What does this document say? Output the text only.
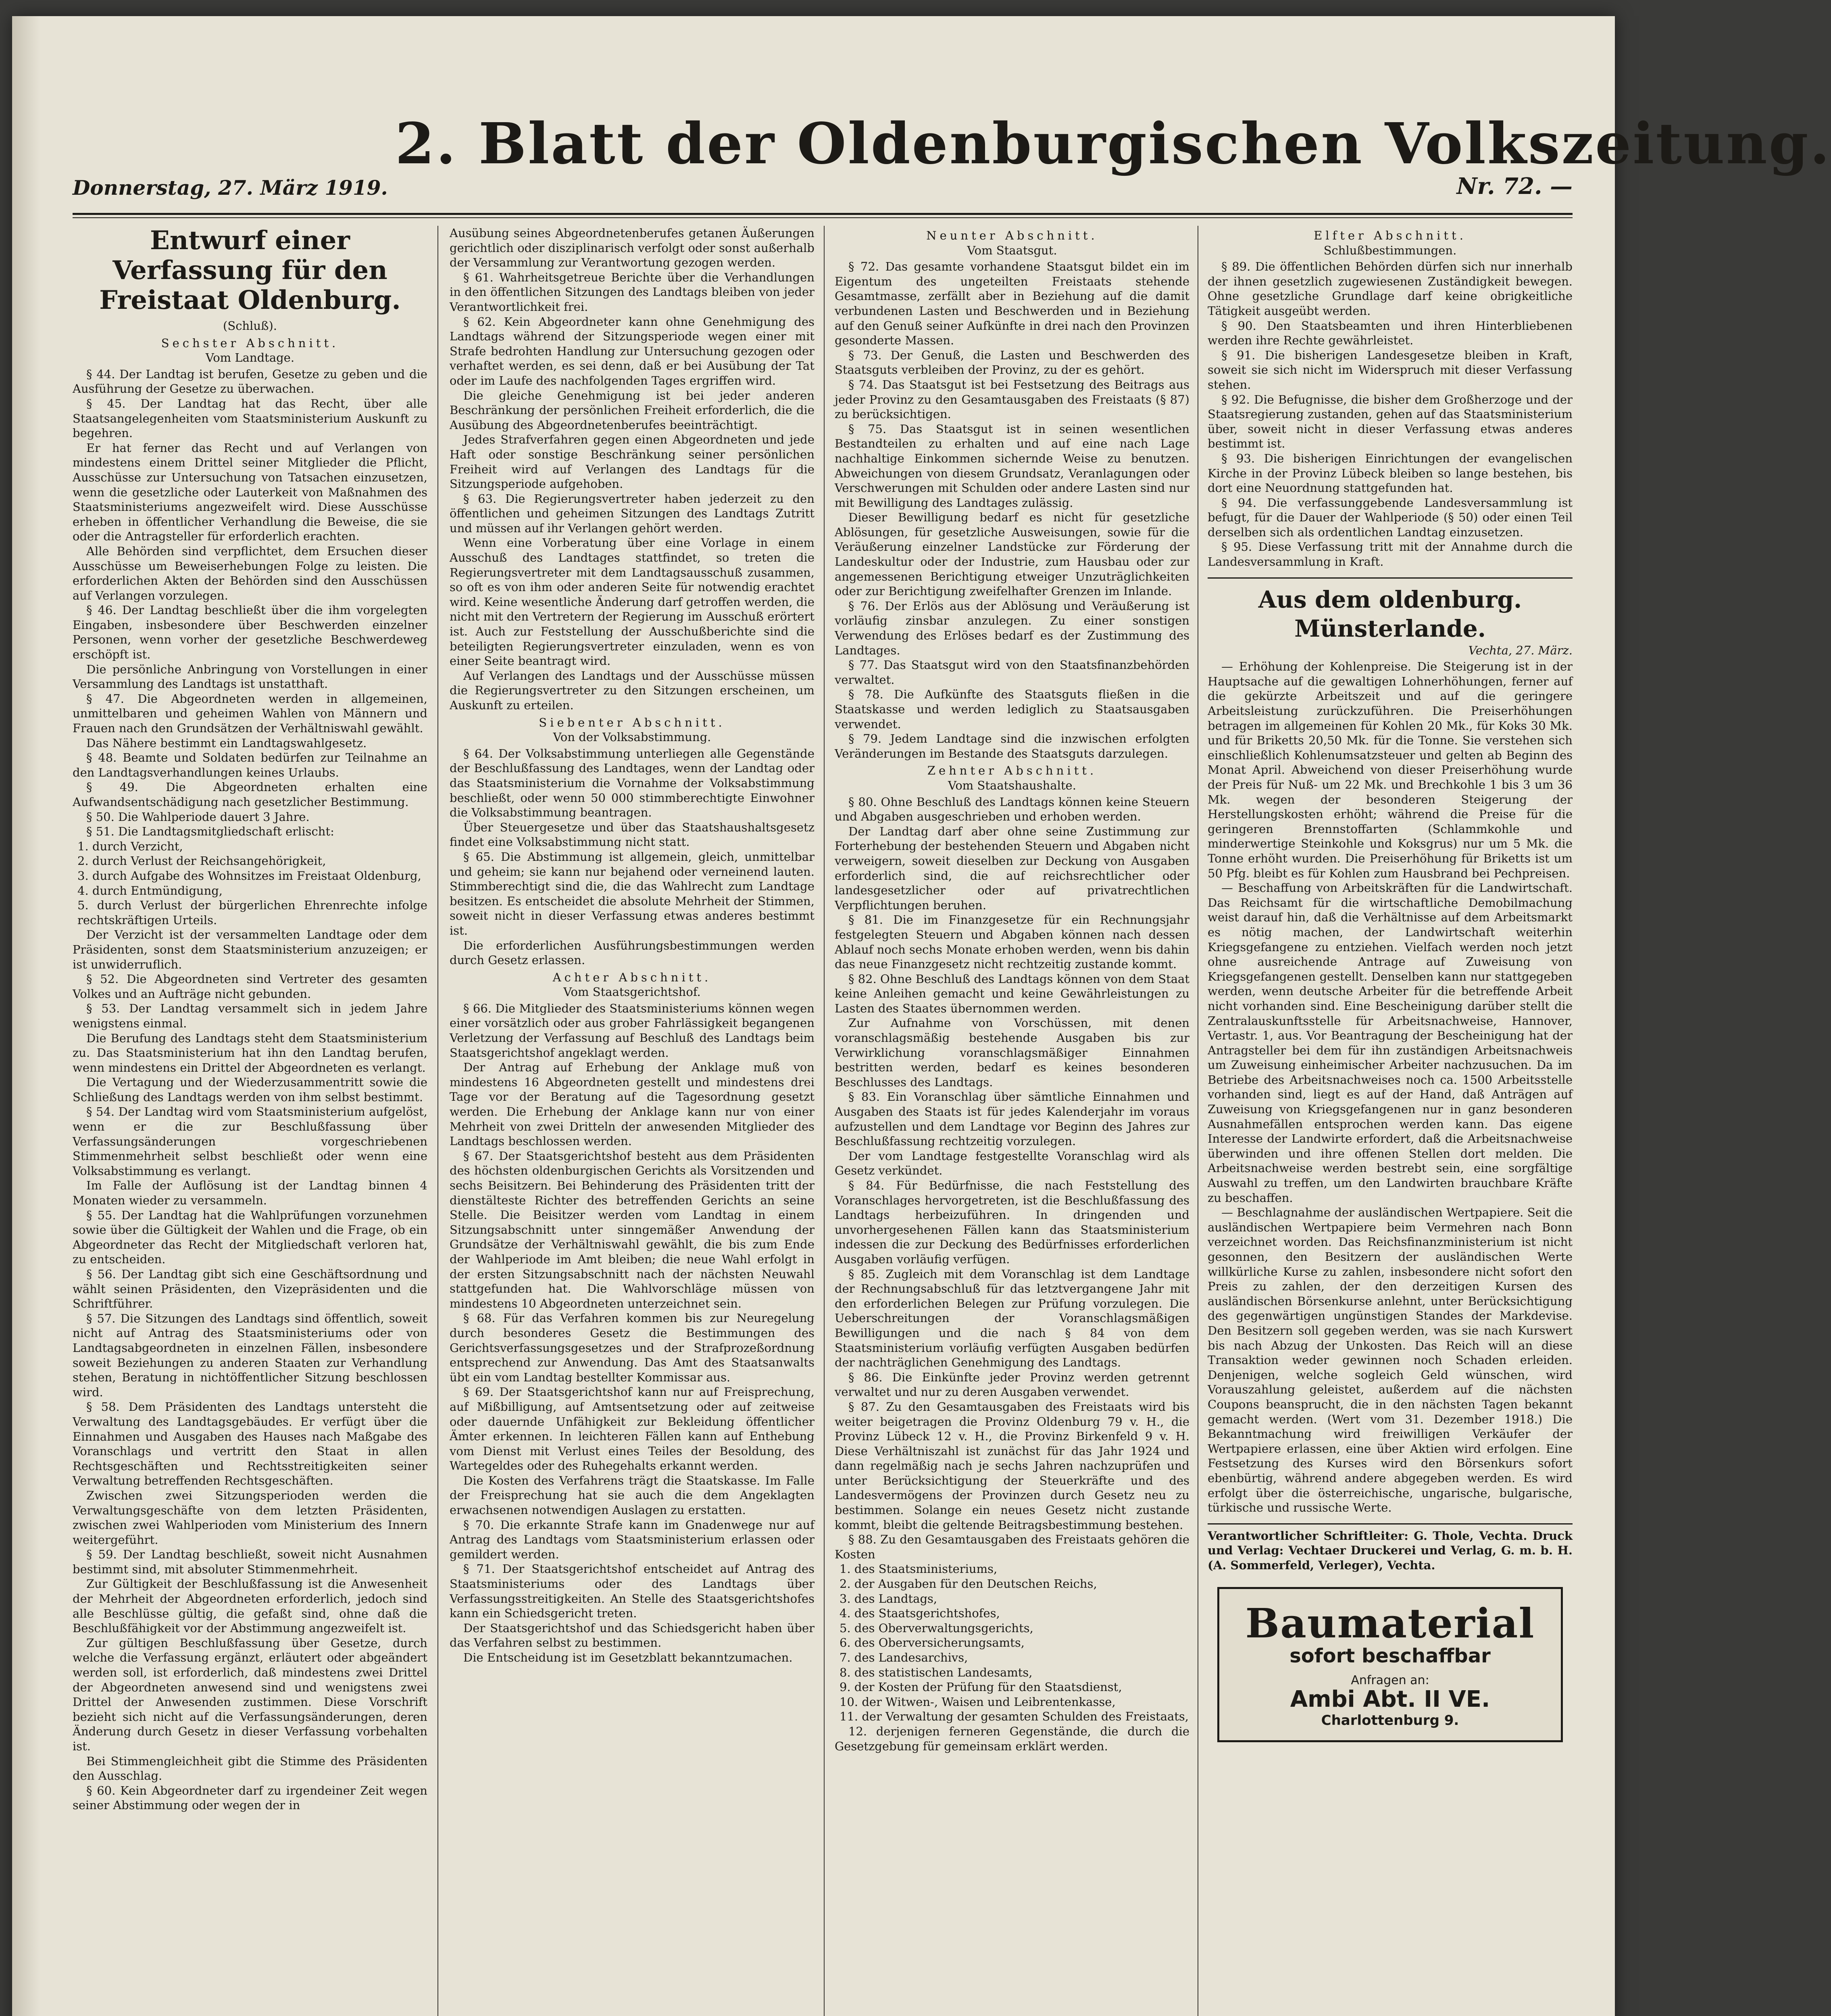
Donnerstag, 27. März 1919.
2. Blatt der Oldenburgischen Volkszeitung.
Nr. 72. —
Entwurf einer Verfassung für den Freistaat Oldenburg.

(Schluß).

Sechster Abschnitt.

Vom Landtage.

§ 44. Der Landtag ist berufen, Gesetze zu geben und die Ausführung der Gesetze zu überwachen.

§ 45. Der Landtag hat das Recht, über alle Staatsangelegenheiten vom Staatsministerium Auskunft zu begehren.

Er hat ferner das Recht und auf Verlangen von mindestens einem Drittel seiner Mitglieder die Pflicht, Ausschüsse zur Untersuchung von Tatsachen einzusetzen, wenn die gesetzliche oder Lauterkeit von Maßnahmen des Staatsministeriums angezweifelt wird. Diese Ausschüsse erheben in öffentlicher Verhandlung die Beweise, die sie oder die Antragsteller für erforderlich erachten.

Alle Behörden sind verpflichtet, dem Ersuchen dieser Ausschüsse um Beweiserhebungen Folge zu leisten. Die erforderlichen Akten der Behörden sind den Ausschüssen auf Verlangen vorzulegen.

§ 46. Der Landtag beschließt über die ihm vorgelegten Eingaben, insbesondere über Beschwerden einzelner Personen, wenn vorher der gesetzliche Beschwerdeweg erschöpft ist.

Die persönliche Anbringung von Vorstellungen in einer Versammlung des Landtags ist unstatthaft.

§ 47. Die Abgeordneten werden in allgemeinen, unmittelbaren und geheimen Wahlen von Männern und Frauen nach den Grundsätzen der Verhältniswahl gewählt.

Das Nähere bestimmt ein Landtagswahlgesetz.

§ 48. Beamte und Soldaten bedürfen zur Teilnahme an den Landtagsverhandlungen keines Urlaubs.

§ 49. Die Abgeordneten erhalten eine Aufwandsentschädigung nach gesetzlicher Bestimmung.

§ 50. Die Wahlperiode dauert 3 Jahre.

§ 51. Die Landtagsmitgliedschaft erlischt:

1. durch Verzicht,

2. durch Verlust der Reichsangehörigkeit,

3. durch Aufgabe des Wohnsitzes im Freistaat Oldenburg,

4. durch Entmündigung,

5. durch Verlust der bürgerlichen Ehrenrechte infolge rechtskräftigen Urteils.

Der Verzicht ist der versammelten Landtage oder dem Präsidenten, sonst dem Staatsministerium anzuzeigen; er ist unwiderruflich.

§ 52. Die Abgeordneten sind Vertreter des gesamten Volkes und an Aufträge nicht gebunden.

§ 53. Der Landtag versammelt sich in jedem Jahre wenigstens einmal.

Die Berufung des Landtags steht dem Staatsministerium zu. Das Staatsministerium hat ihn den Landtag berufen, wenn mindestens ein Drittel der Abgeordneten es verlangt.

Die Vertagung und der Wiederzusammentritt sowie die Schließung des Landtags werden von ihm selbst bestimmt.

§ 54. Der Landtag wird vom Staatsministerium aufgelöst, wenn er die zur Beschlußfassung über Verfassungsänderungen vorgeschriebenen Stimmenmehrheit selbst beschließt oder wenn eine Volksabstimmung es verlangt.

Im Falle der Auflösung ist der Landtag binnen 4 Monaten wieder zu versammeln.

§ 55. Der Landtag hat die Wahlprüfungen vorzunehmen sowie über die Gültigkeit der Wahlen und die Frage, ob ein Abgeordneter das Recht der Mitgliedschaft verloren hat, zu entscheiden.

§ 56. Der Landtag gibt sich eine Geschäftsordnung und wählt seinen Präsidenten, den Vizepräsidenten und die Schriftführer.

§ 57. Die Sitzungen des Landtags sind öffentlich, soweit nicht auf Antrag des Staatsministeriums oder von Landtagsabgeordneten in einzelnen Fällen, insbesondere soweit Beziehungen zu anderen Staaten zur Verhandlung stehen, Beratung in nichtöffentlicher Sitzung beschlossen wird.

§ 58. Dem Präsidenten des Landtags untersteht die Verwaltung des Landtagsgebäudes. Er verfügt über die Einnahmen und Ausgaben des Hauses nach Maßgabe des Voranschlags und vertritt den Staat in allen Rechtsgeschäften und Rechtsstreitigkeiten seiner Verwaltung betreffenden Rechtsgeschäften.

Zwischen zwei Sitzungsperioden werden die Verwaltungsgeschäfte von dem letzten Präsidenten, zwischen zwei Wahlperioden vom Ministerium des Innern weitergeführt.

§ 59. Der Landtag beschließt, soweit nicht Ausnahmen bestimmt sind, mit absoluter Stimmenmehrheit.

Zur Gültigkeit der Beschlußfassung ist die Anwesenheit der Mehrheit der Abgeordneten erforderlich, jedoch sind alle Beschlüsse gültig, die gefaßt sind, ohne daß die Beschlußfähigkeit vor der Abstimmung angezweifelt ist.

Zur gültigen Beschlußfassung über Gesetze, durch welche die Verfassung ergänzt, erläutert oder abgeändert werden soll, ist erforderlich, daß mindestens zwei Drittel der Abgeordneten anwesend sind und wenigstens zwei Drittel der Anwesenden zustimmen. Diese Vorschrift bezieht sich nicht auf die Verfassungsänderungen, deren Änderung durch Gesetz in dieser Verfassung vorbehalten ist.

Bei Stimmengleichheit gibt die Stimme des Präsidenten den Ausschlag.

§ 60. Kein Abgeordneter darf zu irgendeiner Zeit wegen seiner Abstimmung oder wegen der in

Ausübung seines Abgeordnetenberufes getanen Äußerungen gerichtlich oder disziplinarisch verfolgt oder sonst außerhalb der Versammlung zur Verantwortung gezogen werden.

§ 61. Wahrheitsgetreue Berichte über die Verhandlungen in den öffentlichen Sitzungen des Landtags bleiben von jeder Verantwortlichkeit frei.

§ 62. Kein Abgeordneter kann ohne Genehmigung des Landtags während der Sitzungsperiode wegen einer mit Strafe bedrohten Handlung zur Untersuchung gezogen oder verhaftet werden, es sei denn, daß er bei Ausübung der Tat oder im Laufe des nachfolgenden Tages ergriffen wird.

Die gleiche Genehmigung ist bei jeder anderen Beschränkung der persönlichen Freiheit erforderlich, die die Ausübung des Abgeordnetenberufes beeinträchtigt.

Jedes Strafverfahren gegen einen Abgeordneten und jede Haft oder sonstige Beschränkung seiner persönlichen Freiheit wird auf Verlangen des Landtags für die Sitzungsperiode aufgehoben.

§ 63. Die Regierungsvertreter haben jederzeit zu den öffentlichen und geheimen Sitzungen des Landtags Zutritt und müssen auf ihr Verlangen gehört werden.

Wenn eine Vorberatung über eine Vorlage in einem Ausschuß des Landtages stattfindet, so treten die Regierungsvertreter mit dem Landtagsausschuß zusammen, so oft es von ihm oder anderen Seite für notwendig erachtet wird. Keine wesentliche Änderung darf getroffen werden, die nicht mit den Vertretern der Regierung im Ausschuß erörtert ist. Auch zur Feststellung der Ausschußberichte sind die beteiligten Regierungsvertreter einzuladen, wenn es von einer Seite beantragt wird.

Auf Verlangen des Landtags und der Ausschüsse müssen die Regierungsvertreter zu den Sitzungen erscheinen, um Auskunft zu erteilen.

Siebenter Abschnitt.

Von der Volksabstimmung.

§ 64. Der Volksabstimmung unterliegen alle Gegenstände der Beschlußfassung des Landtages, wenn der Landtag oder das Staatsministerium die Vornahme der Volksabstimmung beschließt, oder wenn 50 000 stimmberechtigte Einwohner die Volksabstimmung beantragen.

Über Steuergesetze und über das Staatshaushaltsgesetz findet eine Volksabstimmung nicht statt.

§ 65. Die Abstimmung ist allgemein, gleich, unmittelbar und geheim; sie kann nur bejahend oder verneinend lauten. Stimmberechtigt sind die, die das Wahlrecht zum Landtage besitzen. Es entscheidet die absolute Mehrheit der Stimmen, soweit nicht in dieser Verfassung etwas anderes bestimmt ist.

Die erforderlichen Ausführungsbestimmungen werden durch Gesetz erlassen.

Achter Abschnitt.

Vom Staatsgerichtshof.

§ 66. Die Mitglieder des Staatsministeriums können wegen einer vorsätzlich oder aus grober Fahrlässigkeit begangenen Verletzung der Verfassung auf Beschluß des Landtags beim Staatsgerichtshof angeklagt werden.

Der Antrag auf Erhebung der Anklage muß von mindestens 16 Abgeordneten gestellt und mindestens drei Tage vor der Beratung auf die Tagesordnung gesetzt werden. Die Erhebung der Anklage kann nur von einer Mehrheit von zwei Dritteln der anwesenden Mitglieder des Landtags beschlossen werden.

§ 67. Der Staatsgerichtshof besteht aus dem Präsidenten des höchsten oldenburgischen Gerichts als Vorsitzenden und sechs Beisitzern. Bei Behinderung des Präsidenten tritt der dienstälteste Richter des betreffenden Gerichts an seine Stelle. Die Beisitzer werden vom Landtag in einem Sitzungsabschnitt unter sinngemäßer Anwendung der Grundsätze der Verhältniswahl gewählt, die bis zum Ende der Wahlperiode im Amt bleiben; die neue Wahl erfolgt in der ersten Sitzungsabschnitt nach der nächsten Neuwahl stattgefunden hat. Die Wahlvorschläge müssen von mindestens 10 Abgeordneten unterzeichnet sein.

§ 68. Für das Verfahren kommen bis zur Neuregelung durch besonderes Gesetz die Bestimmungen des Gerichtsverfassungsgesetzes und der Strafprozeßordnung entsprechend zur Anwendung. Das Amt des Staatsanwalts übt ein vom Landtag bestellter Kommissar aus.

§ 69. Der Staatsgerichtshof kann nur auf Freisprechung, auf Mißbilligung, auf Amtsentsetzung oder auf zeitweise oder dauernde Unfähigkeit zur Bekleidung öffentlicher Ämter erkennen. In leichteren Fällen kann auf Enthebung vom Dienst mit Verlust eines Teiles der Besoldung, des Wartegeldes oder des Ruhegehalts erkannt werden.

Die Kosten des Verfahrens trägt die Staatskasse. Im Falle der Freisprechung hat sie auch die dem Angeklagten erwachsenen notwendigen Auslagen zu erstatten.

§ 70. Die erkannte Strafe kann im Gnadenwege nur auf Antrag des Landtags vom Staatsministerium erlassen oder gemildert werden.

§ 71. Der Staatsgerichtshof entscheidet auf Antrag des Staatsministeriums oder des Landtags über Verfassungsstreitigkeiten. An Stelle des Staatsgerichtshofes kann ein Schiedsgericht treten.

Der Staatsgerichtshof und das Schiedsgericht haben über das Verfahren selbst zu bestimmen.

Die Entscheidung ist im Gesetzblatt bekanntzumachen.

Neunter Abschnitt.

Vom Staatsgut.

§ 72. Das gesamte vorhandene Staatsgut bildet ein im Eigentum des ungeteilten Freistaats stehende Gesamtmasse, zerfällt aber in Beziehung auf die damit verbundenen Lasten und Beschwerden und in Beziehung auf den Genuß seiner Aufkünfte in drei nach den Provinzen gesonderte Massen.

§ 73. Der Genuß, die Lasten und Beschwerden des Staatsguts verbleiben der Provinz, zu der es gehört.

§ 74. Das Staatsgut ist bei Festsetzung des Beitrags aus jeder Provinz zu den Gesamtausgaben des Freistaats (§ 87) zu berücksichtigen.

§ 75. Das Staatsgut ist in seinen wesentlichen Bestandteilen zu erhalten und auf eine nach Lage nachhaltige Einkommen sichernde Weise zu benutzen. Abweichungen von diesem Grundsatz, Veranlagungen oder Verschwerungen mit Schulden oder andere Lasten sind nur mit Bewilligung des Landtages zulässig.

Dieser Bewilligung bedarf es nicht für gesetzliche Ablösungen, für gesetzliche Ausweisungen, sowie für die Veräußerung einzelner Landstücke zur Förderung der Landeskultur oder der Industrie, zum Hausbau oder zur angemessenen Berichtigung etweiger Unzuträglichkeiten oder zur Berichtigung zweifelhafter Grenzen im Inlande.

§ 76. Der Erlös aus der Ablösung und Veräußerung ist vorläufig zinsbar anzulegen. Zu einer sonstigen Verwendung des Erlöses bedarf es der Zustimmung des Landtages.

§ 77. Das Staatsgut wird von den Staatsfinanzbehörden verwaltet.

§ 78. Die Aufkünfte des Staatsguts fließen in die Staatskasse und werden lediglich zu Staatsausgaben verwendet.

§ 79. Jedem Landtage sind die inzwischen erfolgten Veränderungen im Bestande des Staatsguts darzulegen.

Zehnter Abschnitt.

Vom Staatshaushalte.

§ 80. Ohne Beschluß des Landtags können keine Steuern und Abgaben ausgeschrieben und erhoben werden.

Der Landtag darf aber ohne seine Zustimmung zur Forterhebung der bestehenden Steuern und Abgaben nicht verweigern, soweit dieselben zur Deckung von Ausgaben erforderlich sind, die auf reichsrechtlicher oder landesgesetzlicher oder auf privatrechtlichen Verpflichtungen beruhen.

§ 81. Die im Finanzgesetze für ein Rechnungsjahr festgelegten Steuern und Abgaben können nach dessen Ablauf noch sechs Monate erhoben werden, wenn bis dahin das neue Finanzgesetz nicht rechtzeitig zustande kommt.

§ 82. Ohne Beschluß des Landtags können von dem Staat keine Anleihen gemacht und keine Gewährleistungen zu Lasten des Staates übernommen werden.

Zur Aufnahme von Vorschüssen, mit denen voranschlagsmäßig bestehende Ausgaben bis zur Verwirklichung voranschlagsmäßiger Einnahmen bestritten werden, bedarf es keines besonderen Beschlusses des Landtags.

§ 83. Ein Voranschlag über sämtliche Einnahmen und Ausgaben des Staats ist für jedes Kalenderjahr im voraus aufzustellen und dem Landtage vor Beginn des Jahres zur Beschlußfassung rechtzeitig vorzulegen.

Der vom Landtage festgestellte Voranschlag wird als Gesetz verkündet.

§ 84. Für Bedürfnisse, die nach Feststellung des Voranschlages hervorgetreten, ist die Beschlußfassung des Landtags herbeizuführen. In dringenden und unvorhergesehenen Fällen kann das Staatsministerium indessen die zur Deckung des Bedürfnisses erforderlichen Ausgaben vorläufig verfügen.

§ 85. Zugleich mit dem Voranschlag ist dem Landtage der Rechnungsabschluß für das letztvergangene Jahr mit den erforderlichen Belegen zur Prüfung vorzulegen. Die Ueberschreitungen der Voranschlagsmäßigen Bewilligungen und die nach § 84 von dem Staatsministerium vorläufig verfügten Ausgaben bedürfen der nachträglichen Genehmigung des Landtags.

§ 86. Die Einkünfte jeder Provinz werden getrennt verwaltet und nur zu deren Ausgaben verwendet.

§ 87. Zu den Gesamtausgaben des Freistaats wird bis weiter beigetragen die Provinz Oldenburg 79 v. H., die Provinz Lübeck 12 v. H., die Provinz Birkenfeld 9 v. H. Diese Verhältniszahl ist zunächst für das Jahr 1924 und dann regelmäßig nach je sechs Jahren nachzuprüfen und unter Berücksichtigung der Steuerkräfte und des Landesvermögens der Provinzen durch Gesetz neu zu bestimmen. Solange ein neues Gesetz nicht zustande kommt, bleibt die geltende Beitragsbestimmung bestehen.

§ 88. Zu den Gesamtausgaben des Freistaats gehören die Kosten

1. des Staatsministeriums,

2. der Ausgaben für den Deutschen Reichs,

3. des Landtags,

4. des Staatsgerichtshofes,

5. des Oberverwaltungsgerichts,

6. des Oberversicherungsamts,

7. des Landesarchivs,

8. des statistischen Landesamts,

9. der Kosten der Prüfung für den Staatsdienst,

10. der Witwen-, Waisen und Leibrentenkasse,

11. der Verwaltung der gesamten Schulden des Freistaats,

12. derjenigen ferneren Gegenstände, die durch die Gesetzgebung für gemeinsam erklärt werden.

Elfter Abschnitt.

Schlußbestimmungen.

§ 89. Die öffentlichen Behörden dürfen sich nur innerhalb der ihnen gesetzlich zugewiesenen Zuständigkeit bewegen. Ohne gesetzliche Grundlage darf keine obrigkeitliche Tätigkeit ausgeübt werden.

§ 90. Den Staatsbeamten und ihren Hinterbliebenen werden ihre Rechte gewährleistet.

§ 91. Die bisherigen Landesgesetze bleiben in Kraft, soweit sie sich nicht im Widerspruch mit dieser Verfassung stehen.

§ 92. Die Befugnisse, die bisher dem Großherzoge und der Staatsregierung zustanden, gehen auf das Staatsministerium über, soweit nicht in dieser Verfassung etwas anderes bestimmt ist.

§ 93. Die bisherigen Einrichtungen der evangelischen Kirche in der Provinz Lübeck bleiben so lange bestehen, bis dort eine Neuordnung stattgefunden hat.

§ 94. Die verfassunggebende Landesversammlung ist befugt, für die Dauer der Wahlperiode (§ 50) oder einen Teil derselben sich als ordentlichen Landtag einzusetzen.

§ 95. Diese Verfassung tritt mit der Annahme durch die Landesversammlung in Kraft.

Aus dem oldenburg. Münsterlande.

Vechta, 27. März.

— Erhöhung der Kohlenpreise. Die Steigerung ist in der Hauptsache auf die gewaltigen Lohnerhöhungen, ferner auf die gekürzte Arbeitszeit und auf die geringere Arbeitsleistung zurückzuführen. Die Preiserhöhungen betragen im allgemeinen für Kohlen 20 Mk., für Koks 30 Mk. und für Briketts 20,50 Mk. für die Tonne. Sie verstehen sich einschließlich Kohlenumsatzsteuer und gelten ab Beginn des Monat April. Abweichend von dieser Preiserhöhung wurde der Preis für Nuß- um 22 Mk. und Brechkohle 1 bis 3 um 36 Mk. wegen der besonderen Steigerung der Herstellungskosten erhöht; während die Preise für die geringeren Brennstoffarten (Schlammkohle und minderwertige Steinkohle und Koksgrus) nur um 5 Mk. die Tonne erhöht wurden. Die Preiserhöhung für Briketts ist um 50 Pfg. bleibt es für Kohlen zum Hausbrand bei Pechpreisen.

— Beschaffung von Arbeitskräften für die Landwirtschaft. Das Reichsamt für die wirtschaftliche Demobilmachung weist darauf hin, daß die Verhältnisse auf dem Arbeitsmarkt es nötig machen, der Landwirtschaft weiterhin Kriegsgefangene zu entziehen. Vielfach werden noch jetzt ohne ausreichende Antrage auf Zuweisung von Kriegsgefangenen gestellt. Denselben kann nur stattgegeben werden, wenn deutsche Arbeiter für die betreffende Arbeit nicht vorhanden sind. Eine Bescheinigung darüber stellt die Zentralauskunftsstelle für Arbeitsnachweise, Hannover, Vertastr. 1, aus. Vor Beantragung der Bescheinigung hat der Antragsteller bei dem für ihn zuständigen Arbeitsnachweis um Zuweisung einheimischer Arbeiter nachzusuchen. Da im Betriebe des Arbeitsnachweises noch ca. 1500 Arbeitsstelle vorhanden sind, liegt es auf der Hand, daß Anträgen auf Zuweisung von Kriegsgefangenen nur in ganz besonderen Ausnahmefällen entsprochen werden kann. Das eigene Interesse der Landwirte erfordert, daß die Arbeitsnachweise überwinden und ihre offenen Stellen dort melden. Die Arbeitsnachweise werden bestrebt sein, eine sorgfältige Auswahl zu treffen, um den Landwirten brauchbare Kräfte zu beschaffen.

— Beschlagnahme der ausländischen Wertpapiere. Seit die ausländischen Wertpapiere beim Vermehren nach Bonn verzeichnet worden. Das Reichsfinanzministerium ist nicht gesonnen, den Besitzern der ausländischen Werte willkürliche Kurse zu zahlen, insbesondere nicht sofort den Preis zu zahlen, der den derzeitigen Kursen des ausländischen Börsenkurse anlehnt, unter Berücksichtigung des gegenwärtigen ungünstigen Standes der Markdevise. Den Besitzern soll gegeben werden, was sie nach Kurswert bis nach Abzug der Unkosten. Das Reich will an diese Transaktion weder gewinnen noch Schaden erleiden. Denjenigen, welche sogleich Geld wünschen, wird Vorauszahlung geleistet, außerdem auf die nächsten Coupons beansprucht, die in den nächsten Tagen bekannt gemacht werden. (Wert vom 31. Dezember 1918.) Die Bekanntmachung wird freiwilligen Verkäufer der Wertpapiere erlassen, eine über Aktien wird erfolgen. Eine Festsetzung des Kurses wird den Börsenkurs sofort ebenbürtig, während andere abgegeben werden. Es wird erfolgt über die österreichische, ungarische, bulgarische, türkische und russische Werte.

Verantwortlicher Schriftleiter: G. Thole, Vechta. Druck und Verlag: Vechtaer Druckerei und Verlag, G. m. b. H. (A. Sommerfeld, Verleger), Vechta.

Baumaterial
sofort beschaffbar
Anfragen an:
Ambi Abt. II VE.
Charlottenburg 9.
